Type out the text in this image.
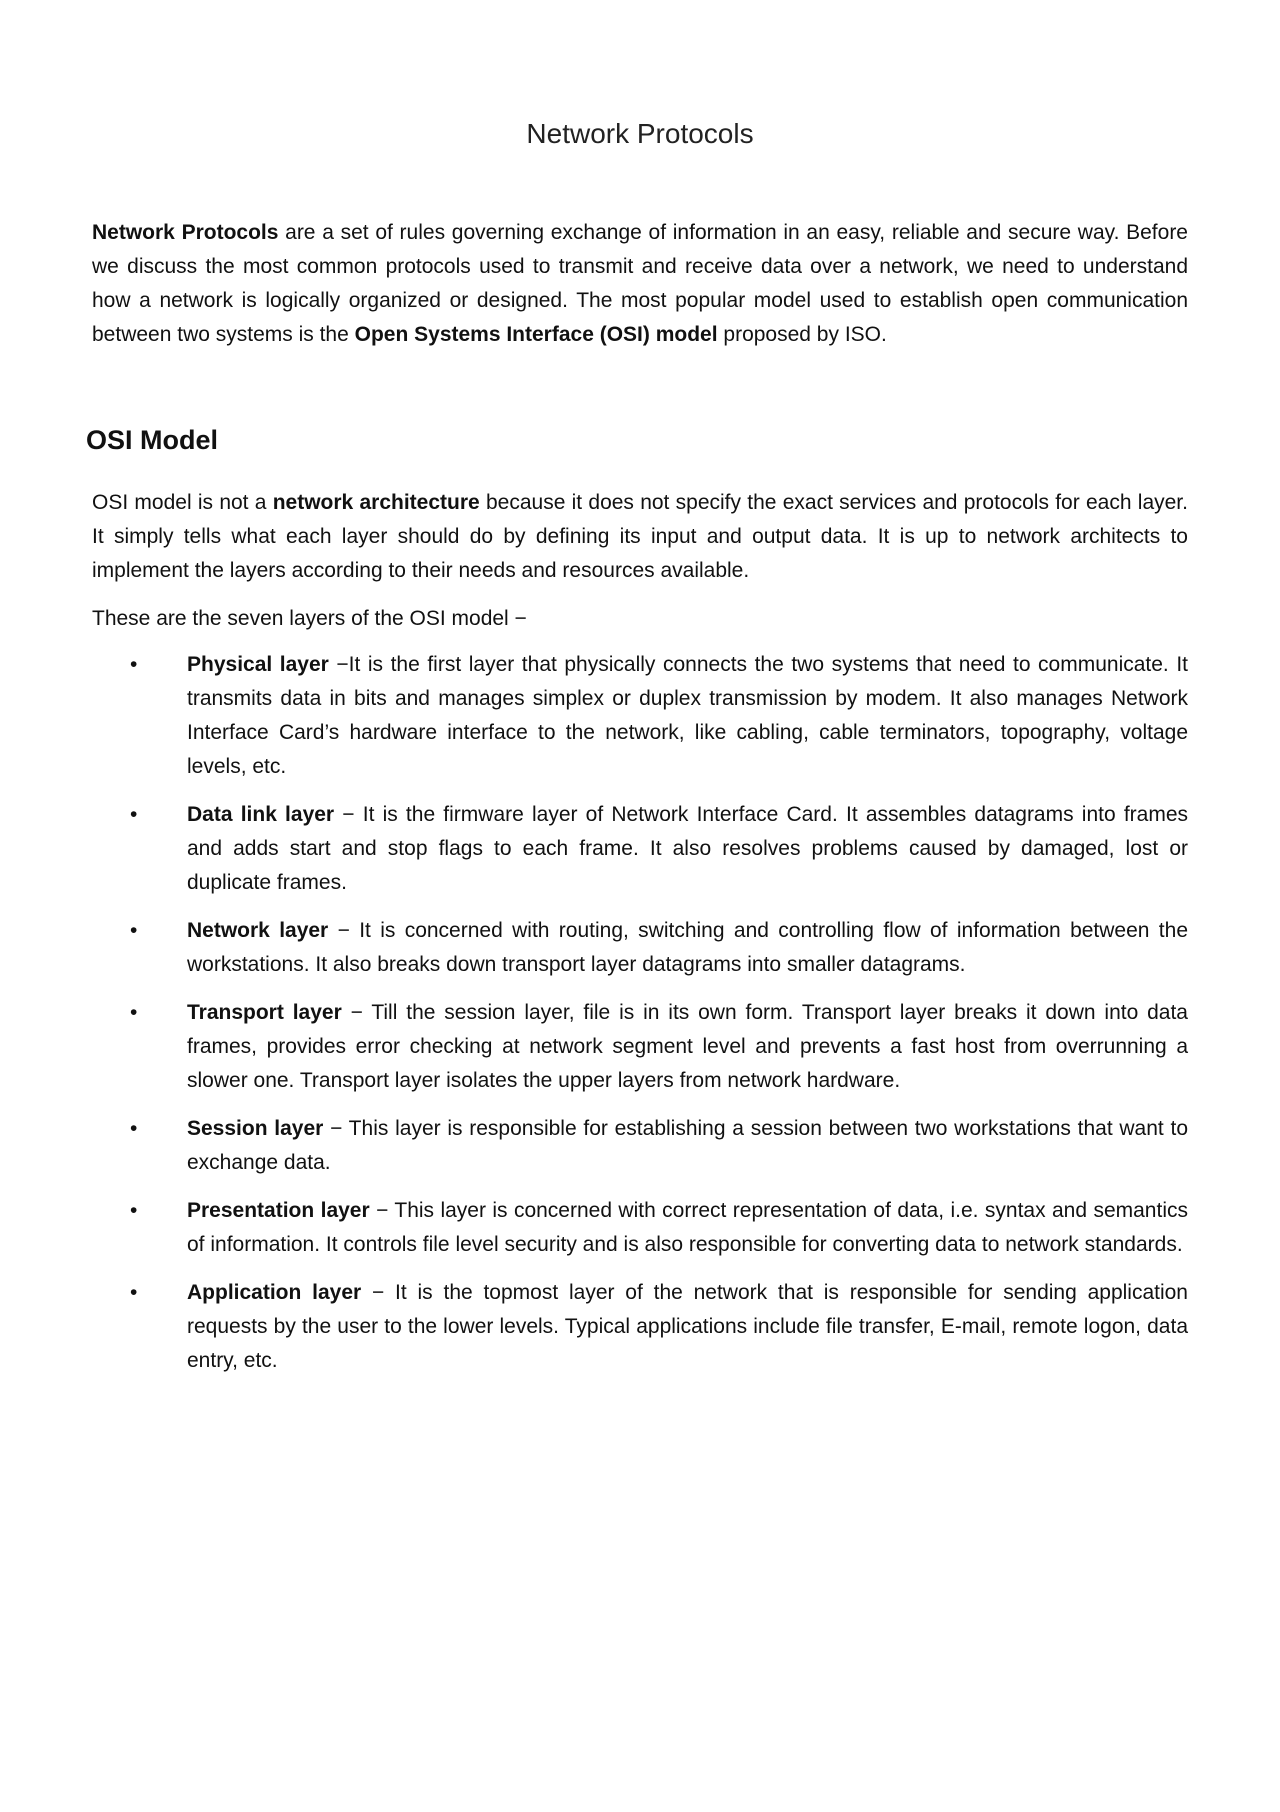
Network Protocols

Network Protocols are a set of rules governing exchange of information in an easy, reliable and secure way. Before we discuss the most common protocols used to transmit and receive data over a network, we need to understand how a network is logically organized or designed. The most popular model used to establish open communication between two systems is the Open Systems Interface (OSI) model proposed by ISO.

OSI Model

OSI model is not a network architecture because it does not specify the exact services and protocols for each layer. It simply tells what each layer should do by defining its input and output data. It is up to network architects to implement the layers according to their needs and resources available.

These are the seven layers of the OSI model −

• Physical layer −It is the first layer that physically connects the two systems that need to communicate. It transmits data in bits and manages simplex or duplex transmission by modem. It also manages Network Interface Card’s hardware interface to the network, like cabling, cable terminators, topography, voltage levels, etc.
• Data link layer − It is the firmware layer of Network Interface Card. It assembles datagrams into frames and adds start and stop flags to each frame. It also resolves problems caused by damaged, lost or duplicate frames.
• Network layer − It is concerned with routing, switching and controlling flow of information between the workstations. It also breaks down transport layer datagrams into smaller datagrams.
• Transport layer − Till the session layer, file is in its own form. Transport layer breaks it down into data frames, provides error checking at network segment level and prevents a fast host from overrunning a slower one. Transport layer isolates the upper layers from network hardware.
• Session layer − This layer is responsible for establishing a session between two workstations that want to exchange data.
• Presentation layer − This layer is concerned with correct representation of data, i.e. syntax and semantics of information. It controls file level security and is also responsible for converting data to network standards.
• Application layer − It is the topmost layer of the network that is responsible for sending application requests by the user to the lower levels. Typical applications include file transfer, E-mail, remote logon, data entry, etc.
